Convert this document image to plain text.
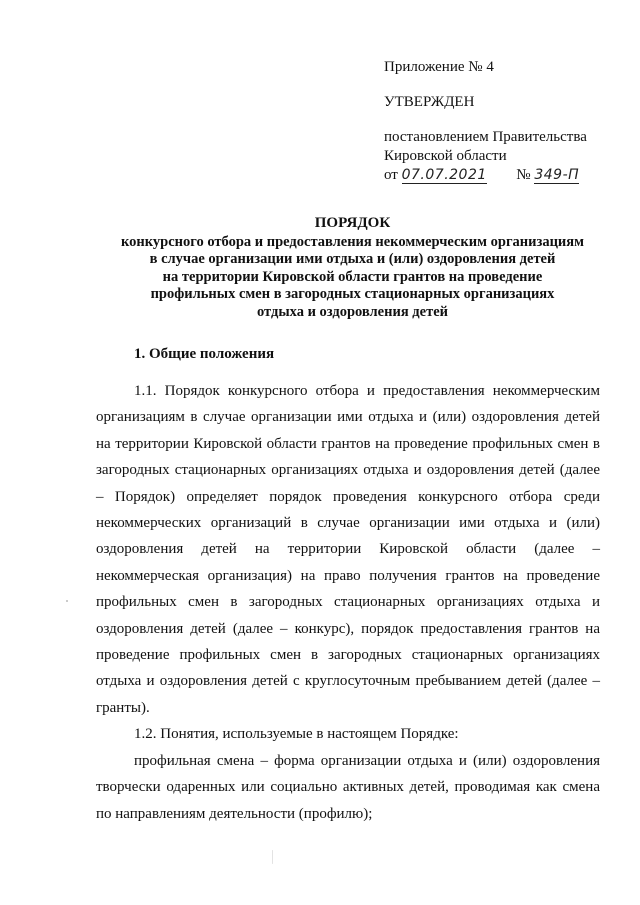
Приложение № 4
УТВЕРЖДЕН
постановлением Правительства
Кировской области
от 07.07.2021 № 349-П
ПОРЯДОК
конкурсного отбора и предоставления некоммерческим организациям
в случае организации ими отдыха и (или) оздоровления детей
на территории Кировской области грантов на проведение
профильных смен в загородных стационарных организациях
отдыха и оздоровления детей
1. Общие положения

1.1. Порядок конкурсного отбора и предоставления некоммерческим организациям в случае организации ими отдыха и (или) оздоровления детей на территории Кировской области грантов на проведение профильных смен в загородных стационарных организациях отдыха и оздоровления детей (далее – Порядок) определяет порядок проведения конкурсного отбора среди некоммерческих организаций в случае организации ими отдыха и (или) оздоровления детей на территории Кировской области (далее – некоммерческая организация) на право получения грантов на проведение профильных смен в загородных стационарных организациях отдыха и оздоровления детей (далее – конкурс), порядок предоставления грантов на проведение профильных смен в загородных стационарных организациях отдыха и оздоровления детей с круглосуточным пребыванием детей (далее – гранты).

1.2. Понятия, используемые в настоящем Порядке:

профильная смена – форма организации отдыха и (или) оздоровления творчески одаренных или социально активных детей, проводимая как смена по направлениям деятельности (профилю);
